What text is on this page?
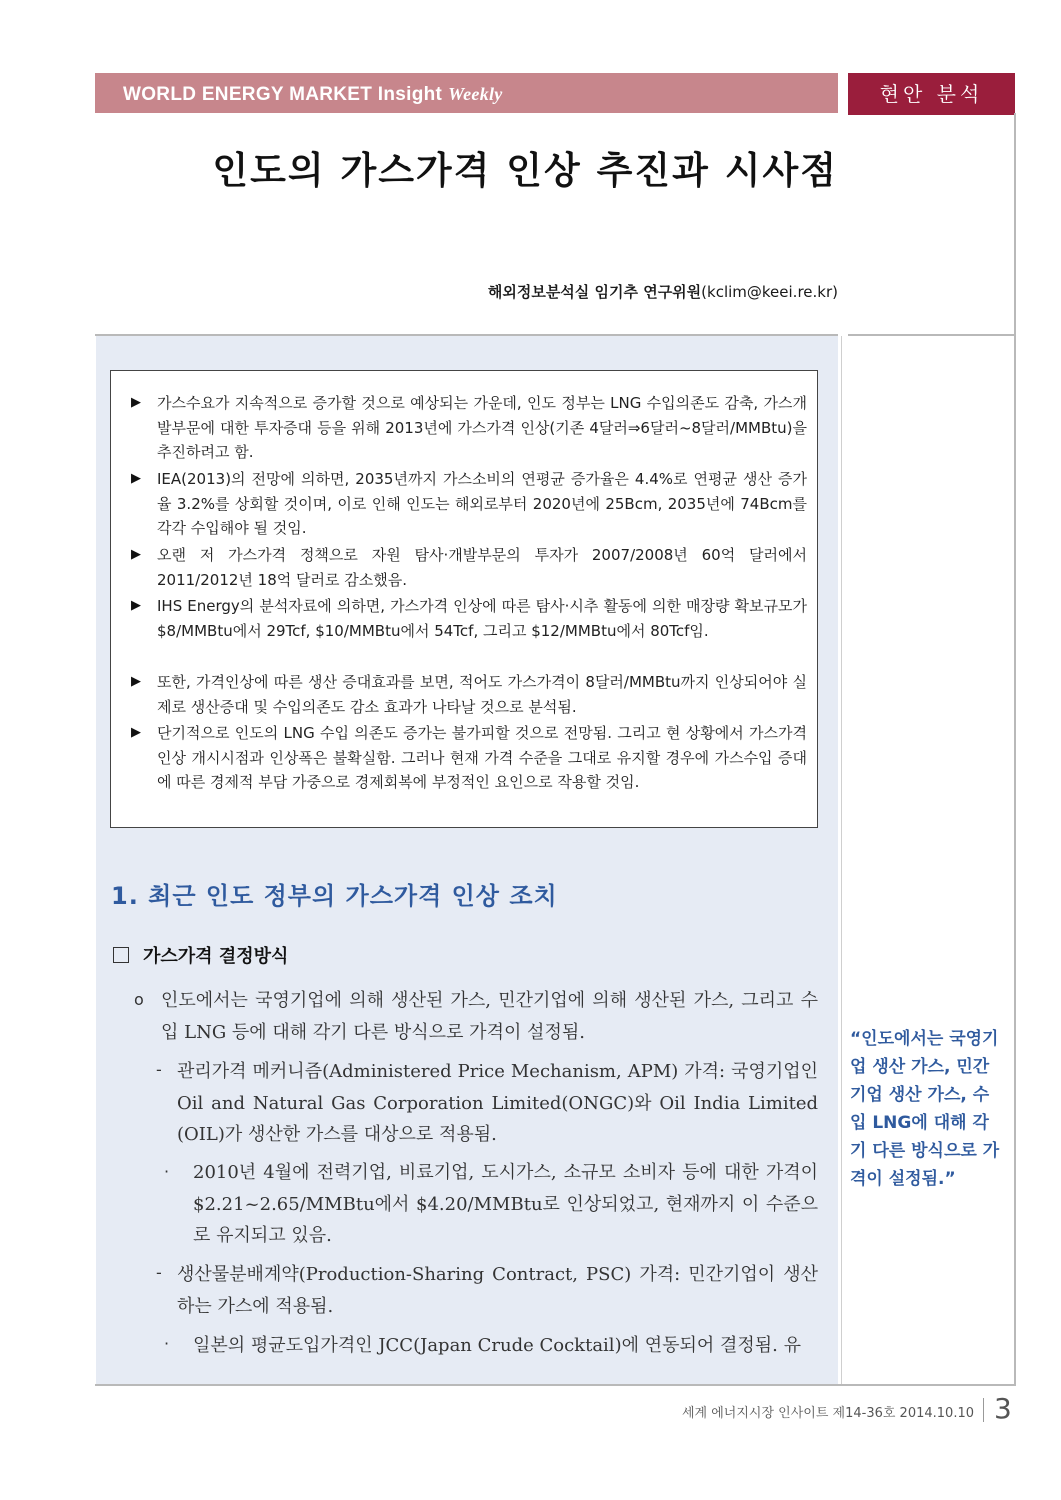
WORLD ENERGY MARKET Insight Weekly	현안 분석
인도의 가스가격 인상 추진과 시사점
해외정보분석실 임기추 연구위원(kclim@keei.re.kr)
▶ 가스수요가 지속적으로 증가할 것으로 예상되는 가운데, 인도 정부는 LNG 수입의존도 감축, 가스개발부문에 대한 투자증대 등을 위해 2013년에 가스가격 인상(기존 4달러⇒6달러~8달러/MMBtu)을 추진하려고 함.
▶ IEA(2013)의 전망에 의하면, 2035년까지 가스소비의 연평균 증가율은 4.4%로 연평균 생산 증가율 3.2%를 상회할 것이며, 이로 인해 인도는 해외로부터 2020년에 25Bcm, 2035년에 74Bcm를 각각 수입해야 될 것임.
▶ 오랜 저 가스가격 정책으로 자원 탐사·개발부문의 투자가 2007/2008년 60억 달러에서 2011/2012년 18억 달러로 감소했음.
▶ IHS Energy의 분석자료에 의하면, 가스가격 인상에 따른 탐사·시추 활동에 의한 매장량 확보규모가 $8/MMBtu에서 29Tcf, $10/MMBtu에서 54Tcf, 그리고 $12/MMBtu에서 80Tcf임.
▶ 또한, 가격인상에 따른 생산 증대효과를 보면, 적어도 가스가격이 8달러/MMBtu까지 인상되어야 실제로 생산증대 및 수입의존도 감소 효과가 나타날 것으로 분석됨.
▶ 단기적으로 인도의 LNG 수입 의존도 증가는 불가피할 것으로 전망됨. 그리고 현 상황에서 가스가격 인상 개시시점과 인상폭은 불확실함. 그러나 현재 가격 수준을 그대로 유지할 경우에 가스수입 증대에 따른 경제적 부담 가중으로 경제회복에 부정적인 요인으로 작용할 것임.
1. 최근 인도 정부의 가스가격 인상 조치
가스가격 결정방식
o 인도에서는 국영기업에 의해 생산된 가스, 민간기업에 의해 생산된 가스, 그리고 수입 LNG 등에 대해 각기 다른 방식으로 가격이 설정됨.
- 관리가격 메커니즘(Administered Price Mechanism, APM) 가격: 국영기업인 Oil and Natural Gas Corporation Limited(ONGC)와 Oil India Limited (OIL)가 생산한 가스를 대상으로 적용됨.
· 2010년 4월에 전력기업, 비료기업, 도시가스, 소규모 소비자 등에 대한 가격이 $2.21~2.65/MMBtu에서 $4.20/MMBtu로 인상되었고, 현재까지 이 수준으로 유지되고 있음.
- 생산물분배계약(Production-Sharing Contract, PSC) 가격: 민간기업이 생산하는 가스에 적용됨.
· 일본의 평균도입가격인 JCC(Japan Crude Cocktail)에 연동되어 결정됨. 유
“인도에서는 국영기업 생산 가스, 민간기업 생산 가스, 수입 LNG에 대해 각기 다른 방식으로 가격이 설정됨.”
세계 에너지시장 인사이트 제14-36호 2014.10.10 3
